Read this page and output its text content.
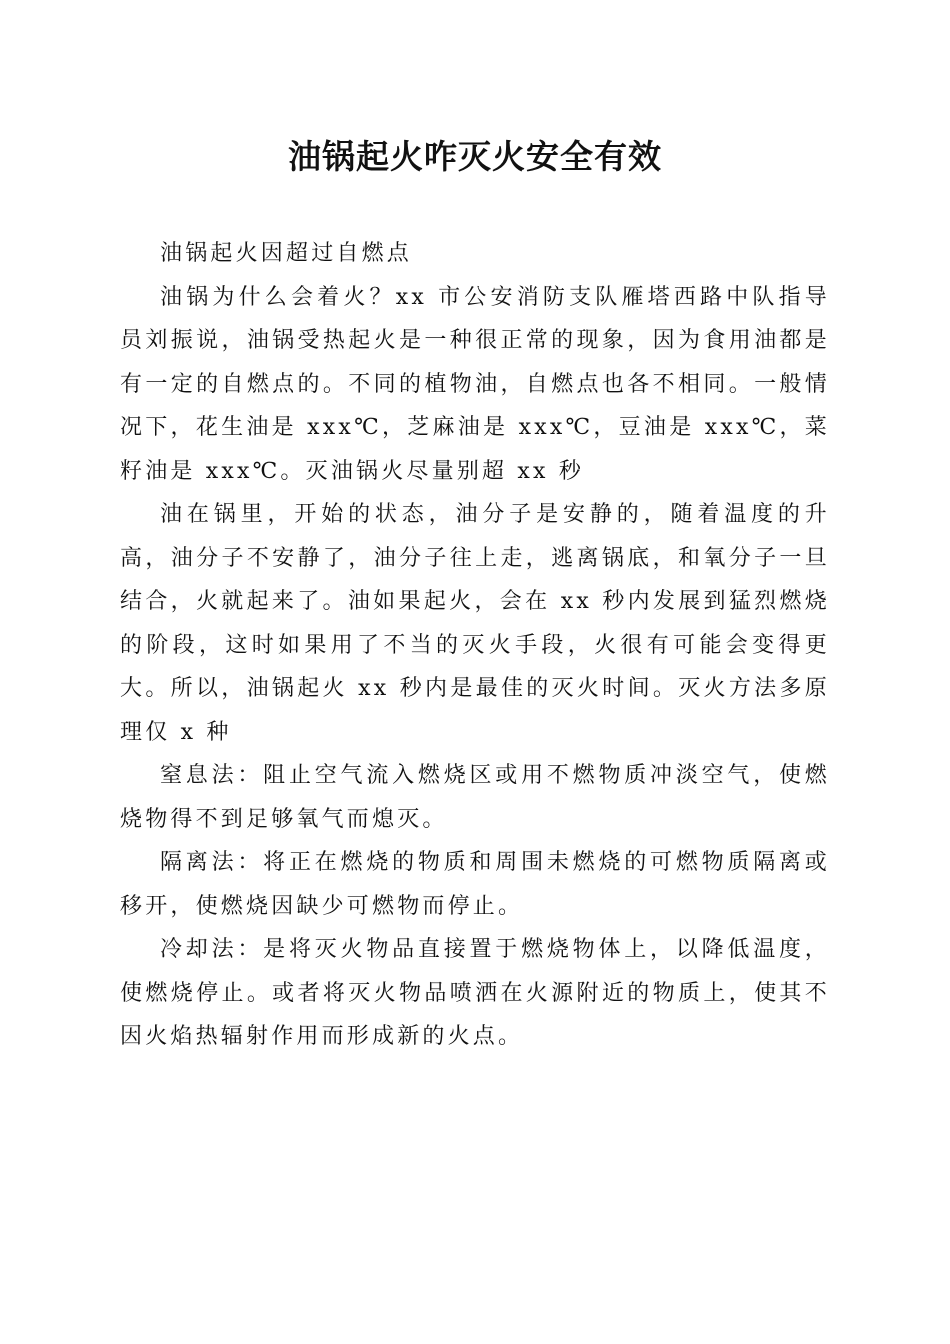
油锅起火咋灭火安全有效

油锅起火因超过自燃点

油锅为什么会着火？xx 市公安消防支队雁塔西路中队指导员刘振说，油锅受热起火是一种很正常的现象，因为食用油都是有一定的自燃点的。不同的植物油，自燃点也各不相同。一般情况下，花生油是 xxx℃，芝麻油是 xxx℃，豆油是 xxx℃，菜籽油是 xxx℃。灭油锅火尽量别超 xx 秒

油在锅里，开始的状态，油分子是安静的，随着温度的升高，油分子不安静了，油分子往上走，逃离锅底，和氧分子一旦结合，火就起来了。油如果起火，会在 xx 秒内发展到猛烈燃烧的阶段，这时如果用了不当的灭火手段，火很有可能会变得更大。所以，油锅起火 xx 秒内是最佳的灭火时间。灭火方法多原理仅 x 种

窒息法：阻止空气流入燃烧区或用不燃物质冲淡空气，使燃烧物得不到足够氧气而熄灭。

隔离法：将正在燃烧的物质和周围未燃烧的可燃物质隔离或移开，使燃烧因缺少可燃物而停止。

冷却法：是将灭火物品直接置于燃烧物体上，以降低温度，使燃烧停止。或者将灭火物品喷洒在火源附近的物质上，使其不因火焰热辐射作用而形成新的火点。
